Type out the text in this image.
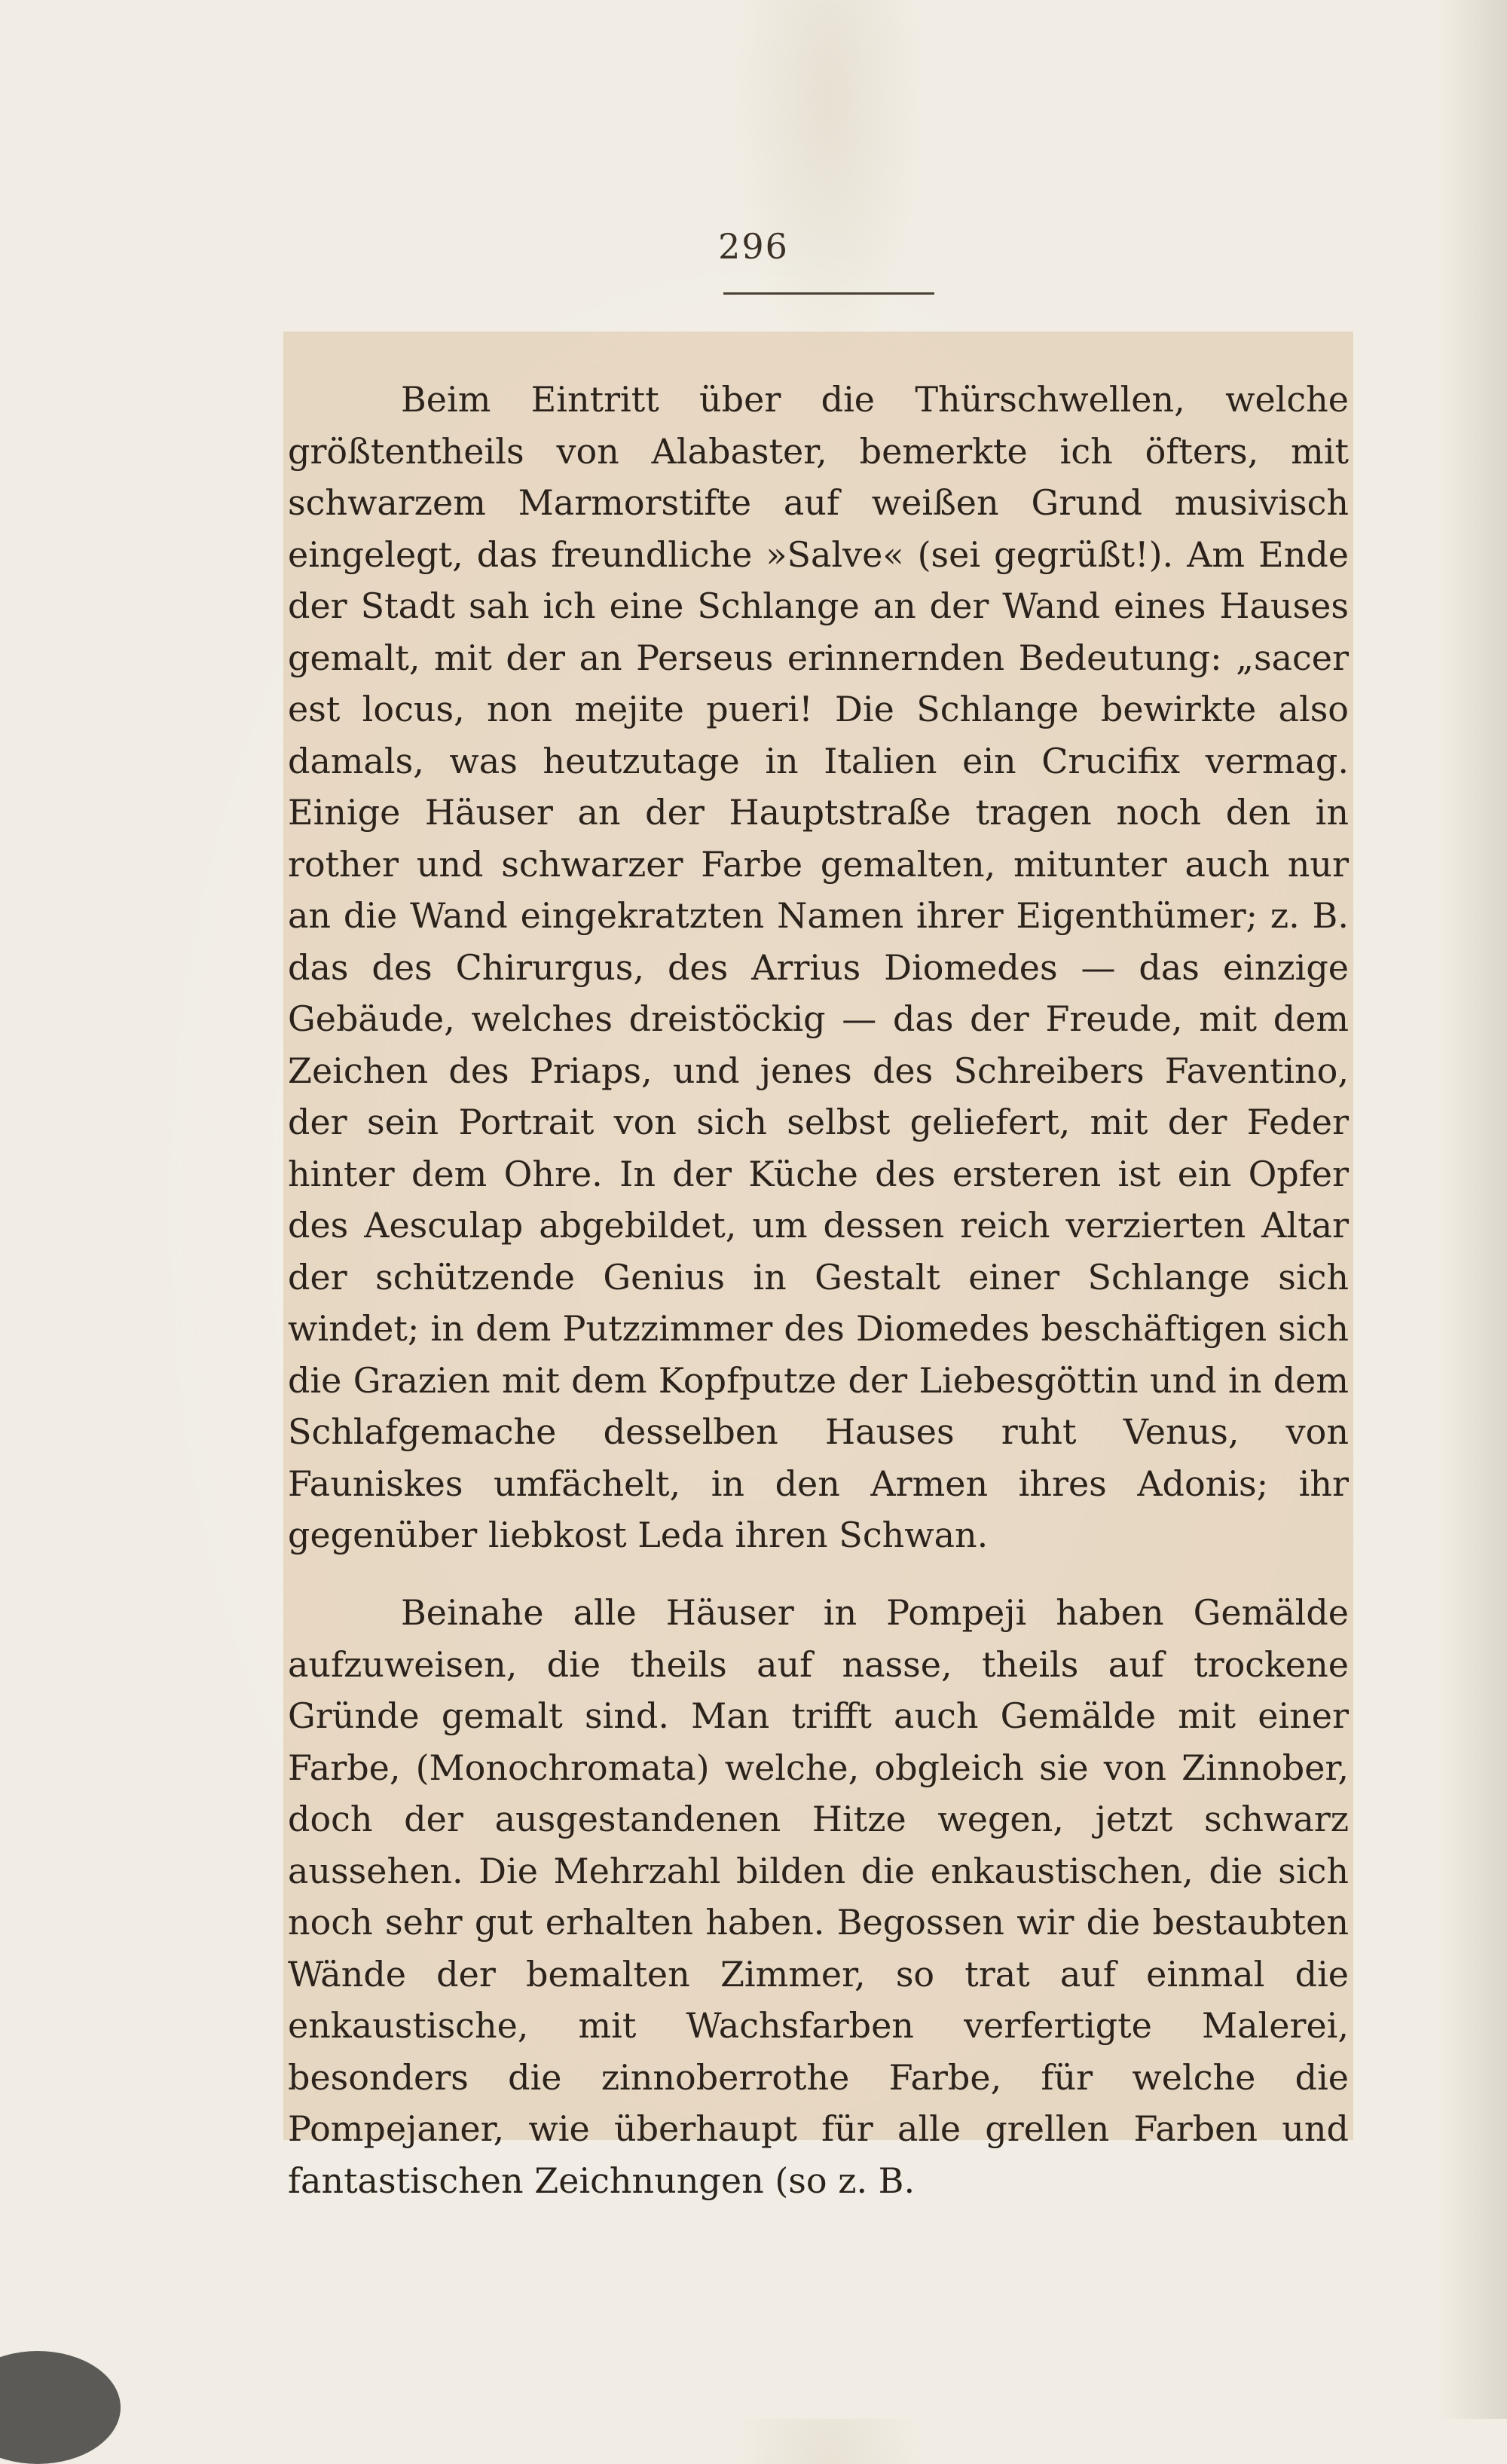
296

Beim Eintritt über die Thürschwellen, welche größtentheils von Alabaster, bemerkte ich öfters, mit schwarzem Marmorstifte auf weißen Grund musivisch eingelegt, das freundliche »Salve« (sei gegrüßt!). Am Ende der Stadt sah ich eine Schlange an der Wand eines Hauses gemalt, mit der an Perseus erinnernden Bedeutung: „sacer est locus, non mejite pueri! Die Schlange bewirkte also damals, was heutzutage in Italien ein Crucifix vermag. Einige Häuser an der Hauptstraße tragen noch den in rother und schwarzer Farbe gemalten, mitunter auch nur an die Wand eingekratzten Namen ihrer Eigenthümer; z. B. das des Chirurgus, des Arrius Diomedes — das einzige Gebäude, welches dreistöckig — das der Freude, mit dem Zeichen des Priaps, und jenes des Schreibers Faventino, der sein Portrait von sich selbst geliefert, mit der Feder hinter dem Ohre. In der Küche des ersteren ist ein Opfer des Aesculap abgebildet, um dessen reich verzierten Altar der schützende Genius in Gestalt einer Schlange sich windet; in dem Putzzimmer des Diomedes beschäftigen sich die Grazien mit dem Kopfputze der Liebesgöttin und in dem Schlafgemache desselben Hauses ruht Venus, von Fauniskes umfächelt, in den Armen ihres Adonis; ihr gegenüber liebkost Leda ihren Schwan.

Beinahe alle Häuser in Pompeji haben Gemälde aufzuweisen, die theils auf nasse, theils auf trockene Gründe gemalt sind. Man trifft auch Gemälde mit einer Farbe, (Monochromata) welche, obgleich sie von Zinnober, doch der ausgestandenen Hitze wegen, jetzt schwarz aussehen. Die Mehrzahl bilden die enkaustischen, die sich noch sehr gut erhalten haben. Begossen wir die bestaubten Wände der bemalten Zimmer, so trat auf einmal die enkaustische, mit Wachsfarben verfertigte Malerei, besonders die zinnoberrothe Farbe, für welche die Pompejaner, wie überhaupt für alle grellen Farben und fantastischen Zeichnungen (so z. B.
